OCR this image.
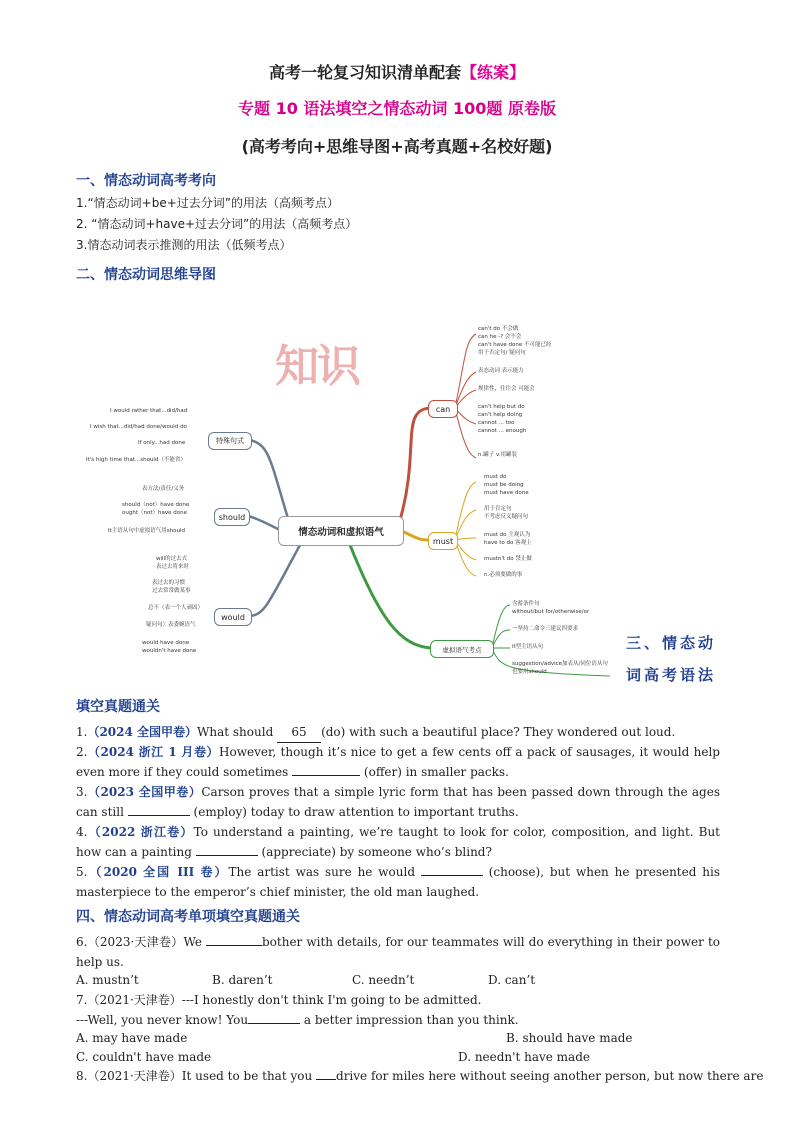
高考一轮复习知识清单配套【练案】
专题 10 语法填空之情态动词 100题 原卷版
(高考考向+思维导图+高考真题+名校好题)
一、情态动词高考考向
1.“情态动词+be+过去分词”的用法（高频考点）
2. “情态动词+have+过去分词”的用法（高频考点）
3.情态动词表示推测的用法（低频考点）
二、情态动词思维导图
知识
情态动词和虚拟语气
can
must
虚拟语气考点
特殊句式
should
would
can't do 不会做
can he -? 会不会
can't have done 不可能已经
用于否定句/ 疑问句
表态动词 表示能力
规律性，往往会 可能会
can't help but do
can't help doing
cannot ... too
cannot ... enough
n.罐子 v.用罐装
must do
must be doing
must have done
用于肯定句
不考虑反义疑问句
must do 主观认为
have to do 客观上
mustn't do 禁止做
n.必须要做的事
含蓄条件句
without/but for/otherwise/or
一坚持二命令三建议四要求
it型主语从句
suggestion/advice加表从/同位语从句
也要用should
I would rather that...did/had
I wish that...did/had done/would do
If only...had done
It's high time that...should（不能省）
表方法/责任/义务
should（not）have done
ought（not）have done
It主语从句中虚拟语气用should
will的过去式
表过去将来时
表过去的习惯
过去常常做某事
总不（表一个人顽固）
疑问句）表委婉语气
would have done
wouldn't have done	三、情态动
词高考语法
填空真题通关
1.（2024 全国甲卷）What should 65 (do) with such a beautiful place? They wondered out loud.
2.（2024 浙江 1 月卷）However, though it’s nice to get a few cents off a pack of sausages, it would help even more if they could sometimes	(offer) in smaller packs.
3.（2023 全国甲卷）Carson proves that a simple lyric form that has been passed down through the ages can still	(employ) today to draw attention to important truths.
4.（2022 浙江卷）To understand a painting, we’re taught to look for color, composition, and light. But how can a painting	(appreciate) by someone who’s blind?
5.（2020 全国 III 卷）The artist was sure he would	(choose), but when he presented his masterpiece to the emperor’s chief minister, the old man laughed.
四、情态动词高考单项填空真题通关
6.（2023·天津卷）We	bother with details, for our teammates will do everything in their power to help us.
A. mustn’t	B. daren’t	C. needn’t	D. can’t
7.（2021·天津卷）---I honestly don't think I'm going to be admitted.
---Well, you never know! You	a better impression than you think.
A. may have made	B. should have made
C. couldn't have made	D. needn't have made
8.（2021·天津卷）It used to be that you drive for miles here without seeing another person, but now there are
